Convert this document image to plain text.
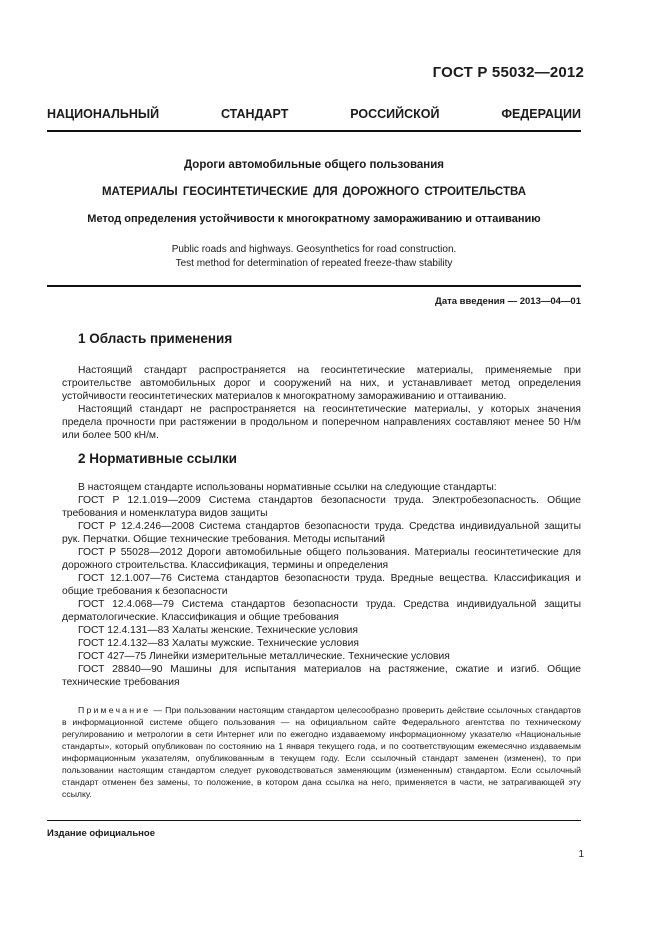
ГОСТ Р 55032—2012
НАЦИОНАЛЬНЫЙ	СТАНДАРТ	РОССИЙСКОЙ	ФЕДЕРАЦИИ
Дороги автомобильные общего пользования
МАТЕРИАЛЫ ГЕОСИНТЕТИЧЕСКИЕ ДЛЯ ДОРОЖНОГО СТРОИТЕЛЬСТВА
Метод определения устойчивости к многократному замораживанию и оттаиванию
Public roads and highways. Geosynthetics for road construction.
Test method for determination of repeated freeze-thaw stability
Дата введения — 2013—04—01
1 Область применения

Настоящий стандарт распространяется на геосинтетические материалы, применяемые при строительстве автомобильных дорог и сооружений на них, и устанавливает метод определения устойчивости геосинтетических материалов к многократному замораживанию и оттаиванию.

Настоящий стандарт не распространяется на геосинтетические материалы, у которых значения предела прочности при растяжении в продольном и поперечном направлениях составляют менее 50 Н/м или более 500 кН/м.

2 Нормативные ссылки

В настоящем стандарте использованы нормативные ссылки на следующие стандарты:

ГОСТ Р 12.1.019—2009 Система стандартов безопасности труда. Электробезопасность. Общие требования и номенклатура видов защиты

ГОСТ Р 12.4.246—2008 Система стандартов безопасности труда. Средства индивидуальной защиты рук. Перчатки. Общие технические требования. Методы испытаний

ГОСТ Р 55028—2012 Дороги автомобильные общего пользования. Материалы геосинтетические для дорожного строительства. Классификация, термины и определения

ГОСТ 12.1.007—76 Система стандартов безопасности труда. Вредные вещества. Классификация и общие требования к безопасности

ГОСТ 12.4.068—79 Система стандартов безопасности труда. Средства индивидуальной защиты дерматологические. Классификация и общие требования

ГОСТ 12.4.131—83 Халаты женские. Технические условия

ГОСТ 12.4.132—83 Халаты мужские. Технические условия

ГОСТ 427—75 Линейки измерительные металлические. Технические условия

ГОСТ 28840—90 Машины для испытания материалов на растяжение, сжатие и изгиб. Общие технические требования

Примечание — При пользовании настоящим стандартом целесообразно проверить действие ссылочных стандартов в информационной системе общего пользования — на официальном сайте Федерального агентства по техническому регулированию и метрологии в сети Интернет или по ежегодно издаваемому информационному указателю «Национальные стандарты», который опубликован по состоянию на 1 января текущего года, и по соответствующим ежемесячно издаваемым информационным указателям, опубликованным в текущем году. Если ссылочный стандарт заменен (изменен), то при пользовании настоящим стандартом следует руководствоваться заменяющим (измененным) стандартом. Если ссылочный стандарт отменен без замены, то положение, в котором дана ссылка на него, применяется в части, не затрагивающей эту ссылку.

Издание официальное
1
